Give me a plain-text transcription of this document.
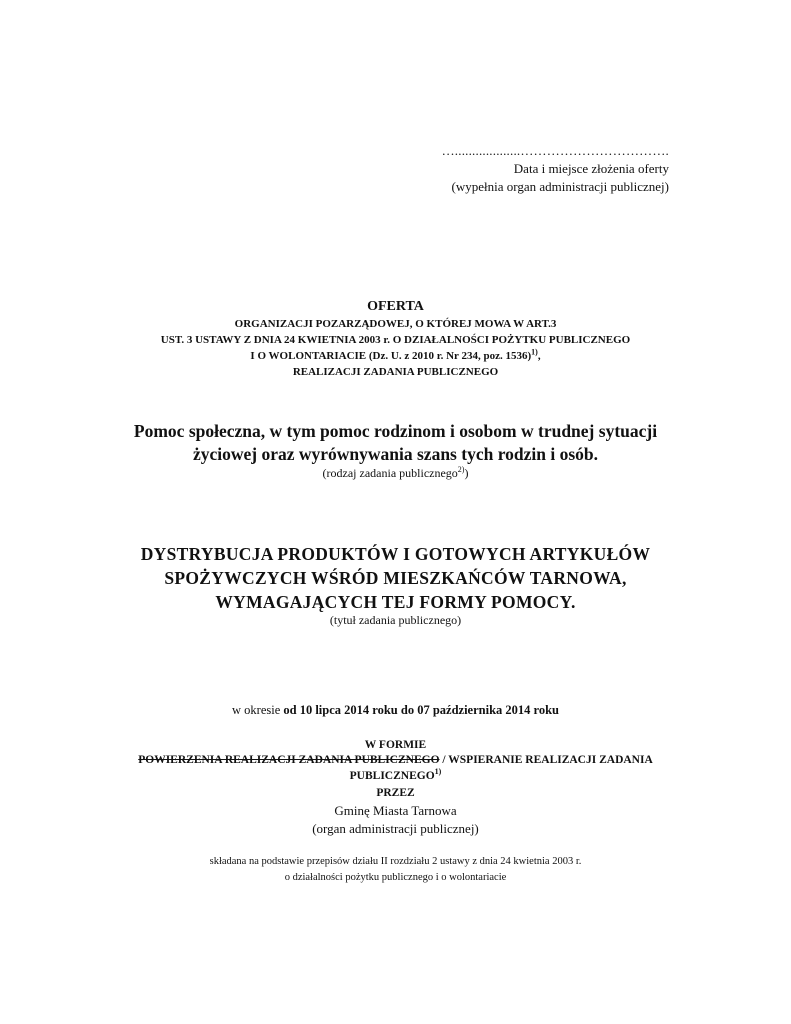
…...................…………………………….
Data i miejsce złożenia oferty
(wypełnia organ administracji publicznej)
OFERTA
ORGANIZACJI POZARZĄDOWEJ, O KTÓREJ MOWA W ART.3
UST. 3 USTAWY Z DNIA 24 KWIETNIA 2003 r. O DZIAŁALNOŚCI POŻYTKU PUBLICZNEGO
I O WOLONTARIACIE (Dz. U. z 2010 r. Nr 234, poz. 1536)$^{1)}$,
REALIZACJI ZADANIA PUBLICZNEGO
Pomoc społeczna, w tym pomoc rodzinom i osobom w trudnej sytuacji
życiowej oraz wyrównywania szans tych rodzin i osób.
(rodzaj zadania publicznego$^{2)}$)
DYSTRYBUCJA PRODUKTÓW I GOTOWYCH ARTYKUŁÓW
SPOŻYWCZYCH WŚRÓD MIESZKAŃCÓW TARNOWA,
WYMAGAJĄCYCH TEJ FORMY POMOCY.
(tytuł zadania publicznego)
w okresie od 10 lipca 2014 roku do 07 października 2014 roku
W FORMIE
POWIERZENIA REALIZACJI ZADANIA PUBLICZNEGO / WSPIERANIE REALIZACJI ZADANIA
PUBLICZNEGO$^{1)}$
PRZEZ
Gminę Miasta Tarnowa
(organ administracji publicznej)
składana na podstawie przepisów działu II rozdziału 2 ustawy z dnia 24 kwietnia 2003 r.
o działalności pożytku publicznego i o wolontariacie
